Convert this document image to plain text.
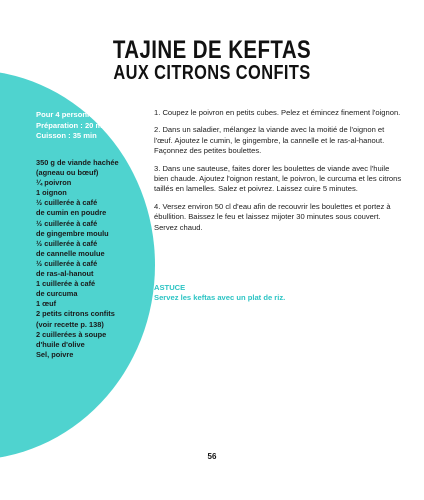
TAJINE DE KEFTAS
AUX CITRONS CONFITS
Pour 4 personnes
Préparation : 20 min
Cuisson : 35 min
350 g de viande hachée
(agneau ou bœuf)
¼ poivron
1 oignon
½ cuillerée à café
de cumin en poudre
½ cuillerée à café
de gingembre moulu
½ cuillerée à café
de cannelle moulue
½ cuillerée à café
de ras-al-hanout
1 cuillerée à café
de curcuma
1 œuf
2 petits citrons confits
(voir recette p. 138)
2 cuillerées à soupe
d'huile d'olive
Sel, poivre

1. Coupez le poivron en petits cubes. Pelez et émincez finement l'oignon.

2. Dans un saladier, mélangez la viande avec la moitié de l'oignon et l'œuf. Ajoutez le cumin, le gingembre, la cannelle et le ras-al-hanout. Façonnez des petites boulettes.

3. Dans une sauteuse, faites dorer les boulettes de viande avec l'huile bien chaude. Ajoutez l'oignon restant, le poivron, le curcuma et les citrons taillés en lamelles. Salez et poivrez. Laissez cuire 5 minutes.

4. Versez environ 50 cl d'eau afin de recouvrir les boulettes et portez à ébullition. Baissez le feu et laissez mijoter 30 minutes sous couvert. Servez chaud.

ASTUCE
Servez les keftas avec un plat de riz.
56
